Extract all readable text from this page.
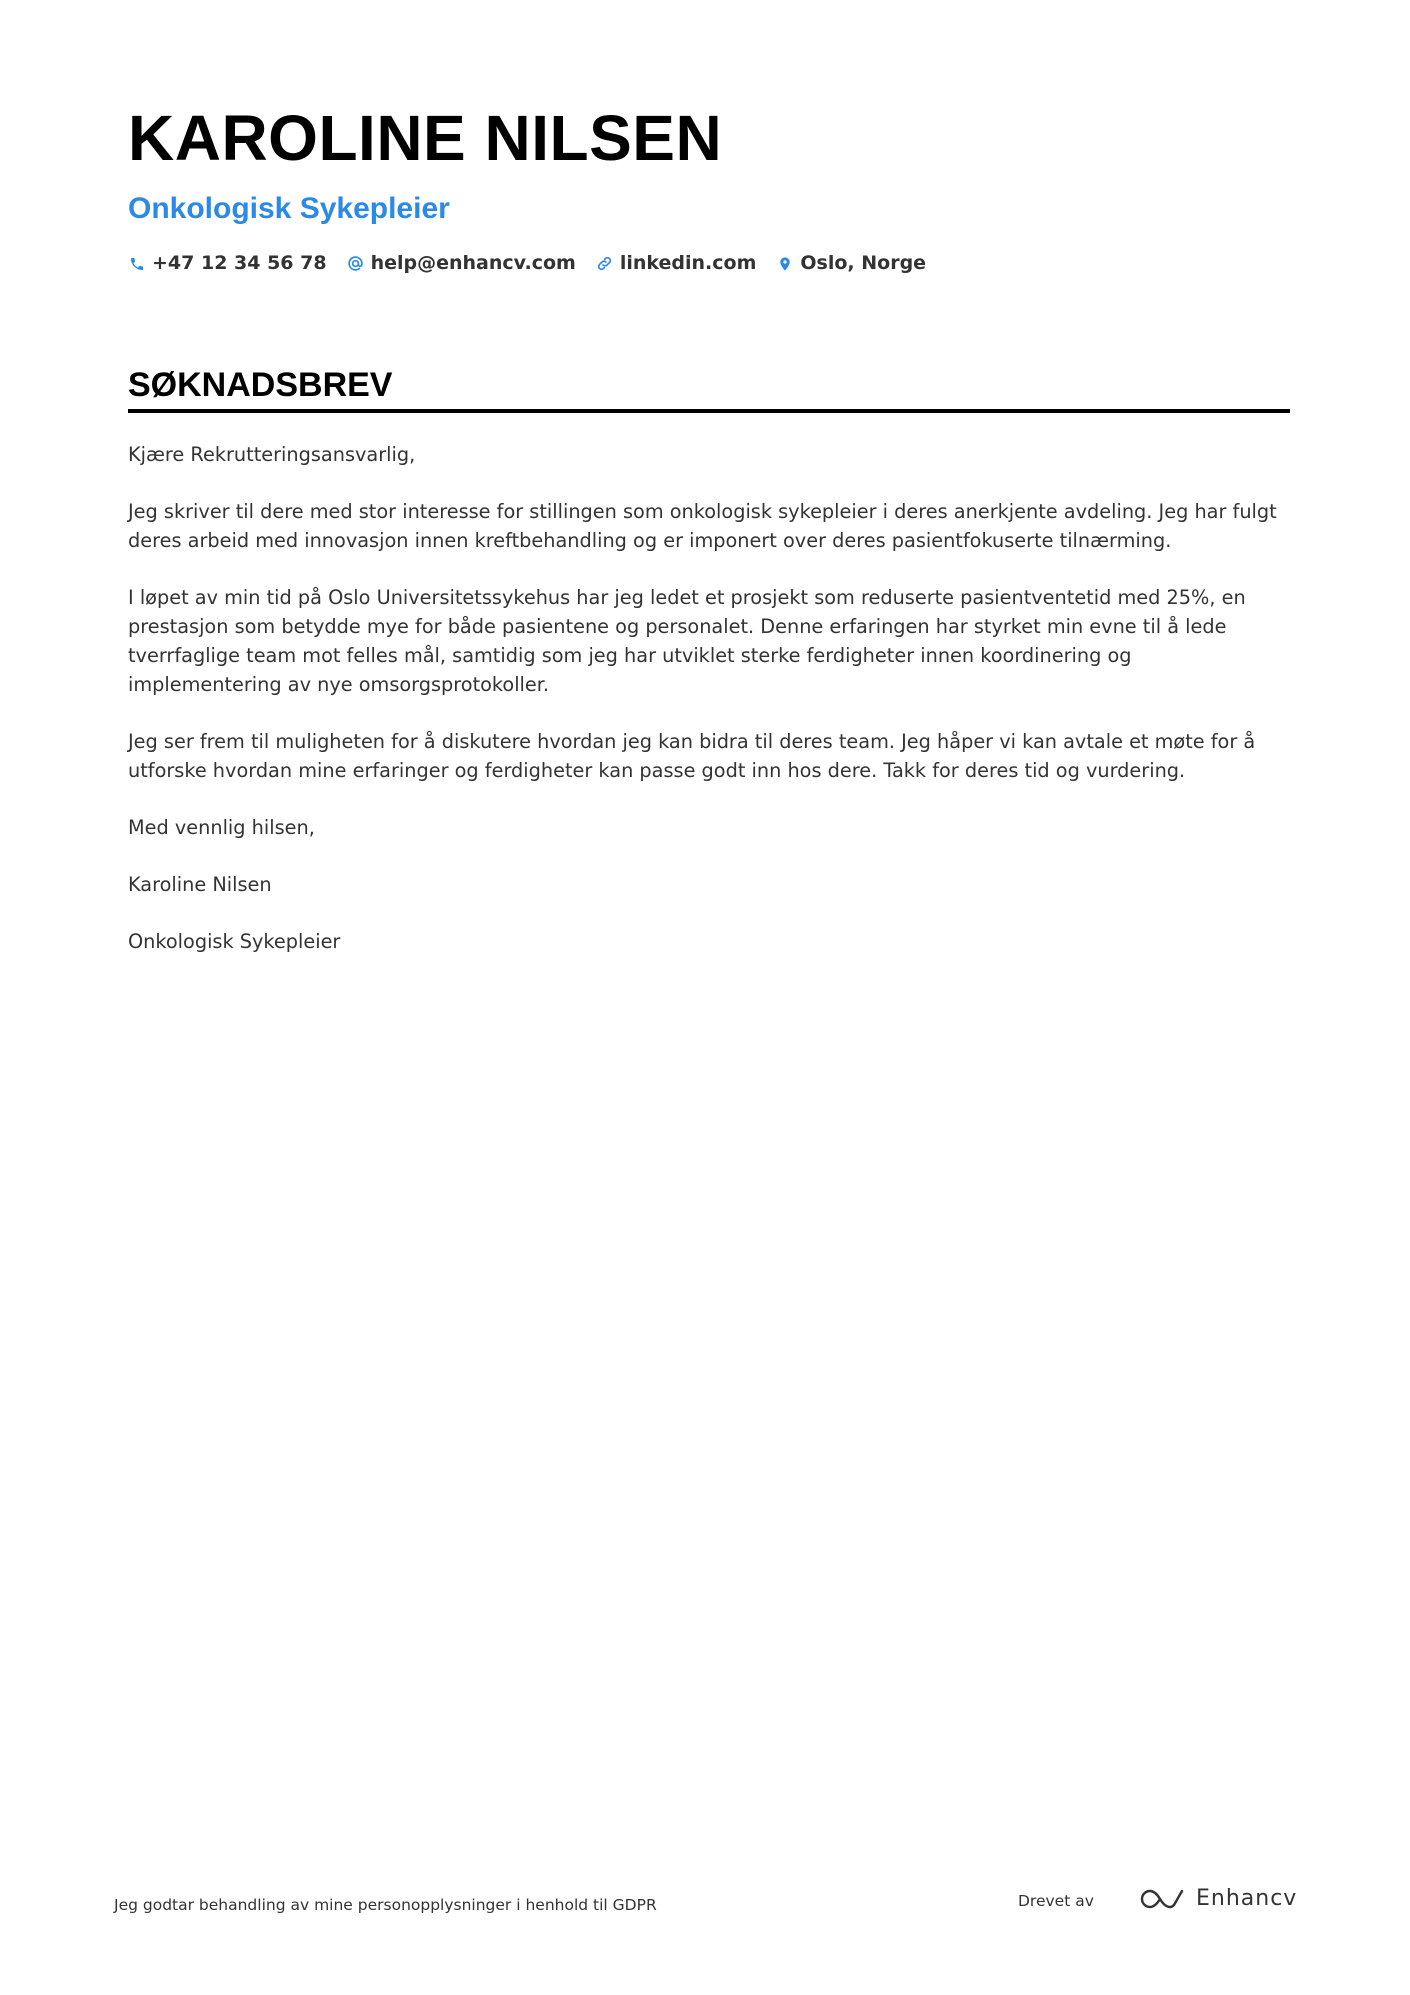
KAROLINE NILSEN
Onkologisk Sykepleier
+47 12 34 56 78 help@enhancv.com linkedin.com Oslo, Norge
SØKNADSBREV

Kjære Rekrutteringsansvarlig,

Jeg skriver til dere med stor interesse for stillingen som onkologisk sykepleier i deres anerkjente avdeling. Jeg har fulgt deres arbeid med innovasjon innen kreftbehandling og er imponert over deres pasientfokuserte tilnærming.

I løpet av min tid på Oslo Universitetssykehus har jeg ledet et prosjekt som reduserte pasientventetid med 25%, en prestasjon som betydde mye for både pasientene og personalet. Denne erfaringen har styrket min evne til å lede tverrfaglige team mot felles mål, samtidig som jeg har utviklet sterke ferdigheter innen koordinering og implementering av nye omsorgsprotokoller.

Jeg ser frem til muligheten for å diskutere hvordan jeg kan bidra til deres team. Jeg håper vi kan avtale et møte for å utforske hvordan mine erfaringer og ferdigheter kan passe godt inn hos dere. Takk for deres tid og vurdering.

Med vennlig hilsen,

Karoline Nilsen

Onkologisk Sykepleier

Jeg godtar behandling av mine personopplysninger i henhold til GDPR	Drevet av	Enhancv
